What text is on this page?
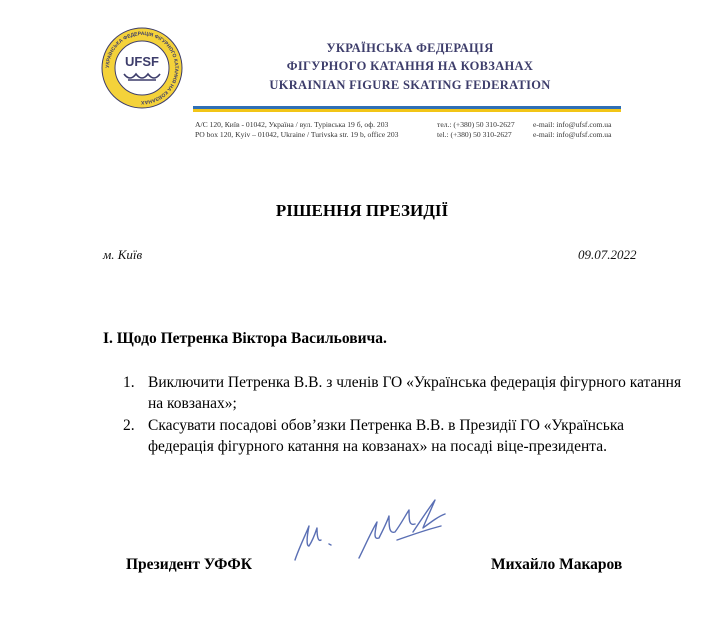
УКРАЇНСЬКА ФЕДЕРАЦІЯ ФІГУРНОГО КАТАННЯ НА КОВЗАНАХ
UFSF
УКРАЇНСЬКА ФЕДЕРАЦІЯ
ФІГУРНОГО КАТАННЯ НА КОВЗАНАХ
UKRAINIAN FIGURE SKATING FEDERATION
А/С 120, Київ - 01042, Україна / вул. Турівська 19 б, оф. 203
PO box 120, Kyiv – 01042, Ukraine / Turivska str. 19 b, office 203
тел.: (+380) 50 310-2627
tel.: (+380) 50 310-2627
e-mail: info@ufsf.com.ua
e-mail: info@ufsf.com.ua
РІШЕННЯ ПРЕЗИДІЇ
м. Київ	09.07.2022
І. Щодо Петренка Віктора Васильовича.
1. Виключити Петренка В.В. з членів ГО «Українська федерація фігурного катання на ковзанах»;
2. Скасувати посадові обов’язки Петренка В.В. в Президії ГО «Українська федерація фігурного катання на ковзанах» на посаді віце-президента.
Президент УФФК	Михайло Макаров
